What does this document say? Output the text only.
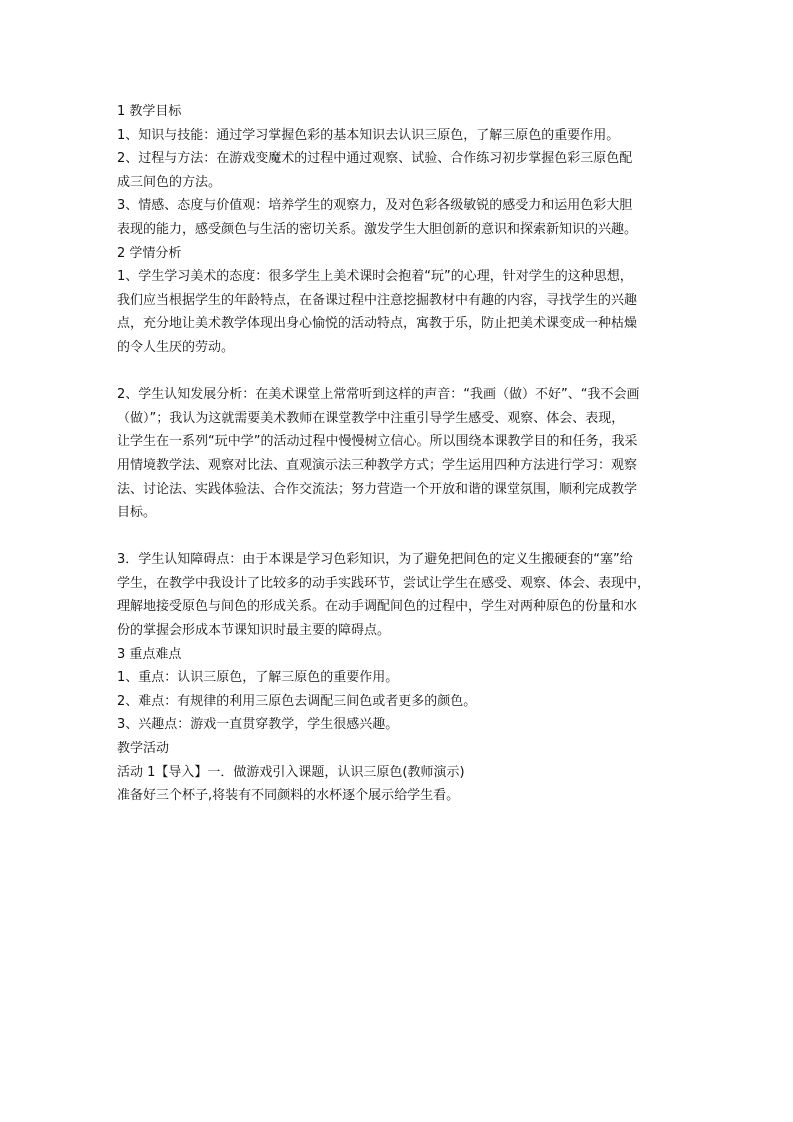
1 教学目标
1、知识与技能：通过学习掌握色彩的基本知识去认识三原色，了解三原色的重要作用。
2、过程与方法：在游戏变魔术的过程中通过观察、试验、合作练习初步掌握色彩三原色配
成三间色的方法。
3、情感、态度与价值观：培养学生的观察力，及对色彩各级敏锐的感受力和运用色彩大胆
表现的能力，感受颜色与生活的密切关系。激发学生大胆创新的意识和探索新知识的兴趣。
2 学情分析
1、学生学习美术的态度：很多学生上美术课时会抱着“玩”的心理，针对学生的这种思想，
我们应当根据学生的年龄特点，在备课过程中注意挖掘教材中有趣的内容，寻找学生的兴趣
点，充分地让美术教学体现出身心愉悦的活动特点，寓教于乐，防止把美术课变成一种枯燥
的令人生厌的劳动。
2、学生认知发展分析：在美术课堂上常常听到这样的声音：“我画（做）不好”、“我不会画
（做）”；我认为这就需要美术教师在课堂教学中注重引导学生感受、观察、体会、表现，
让学生在一系列“玩中学”的活动过程中慢慢树立信心。所以围绕本课教学目的和任务，我采
用情境教学法、观察对比法、直观演示法三种教学方式；学生运用四种方法进行学习：观察
法、讨论法、实践体验法、合作交流法；努力营造一个开放和谐的课堂氛围，顺利完成教学
目标。
3．学生认知障碍点：由于本课是学习色彩知识，为了避免把间色的定义生搬硬套的“塞”给
学生，在教学中我设计了比较多的动手实践环节，尝试让学生在感受、观察、体会、表现中，
理解地接受原色与间色的形成关系。在动手调配间色的过程中，学生对两种原色的份量和水
份的掌握会形成本节课知识时最主要的障碍点。
3 重点难点
1、重点：认识三原色，了解三原色的重要作用。
2、难点：有规律的利用三原色去调配三间色或者更多的颜色。
3、兴趣点：游戏一直贯穿教学，学生很感兴趣。
教学活动
活动 1【导入】一．做游戏引入课题，认识三原色(教师演示)
准备好三个杯子,将装有不同颜料的水杯逐个展示给学生看。
